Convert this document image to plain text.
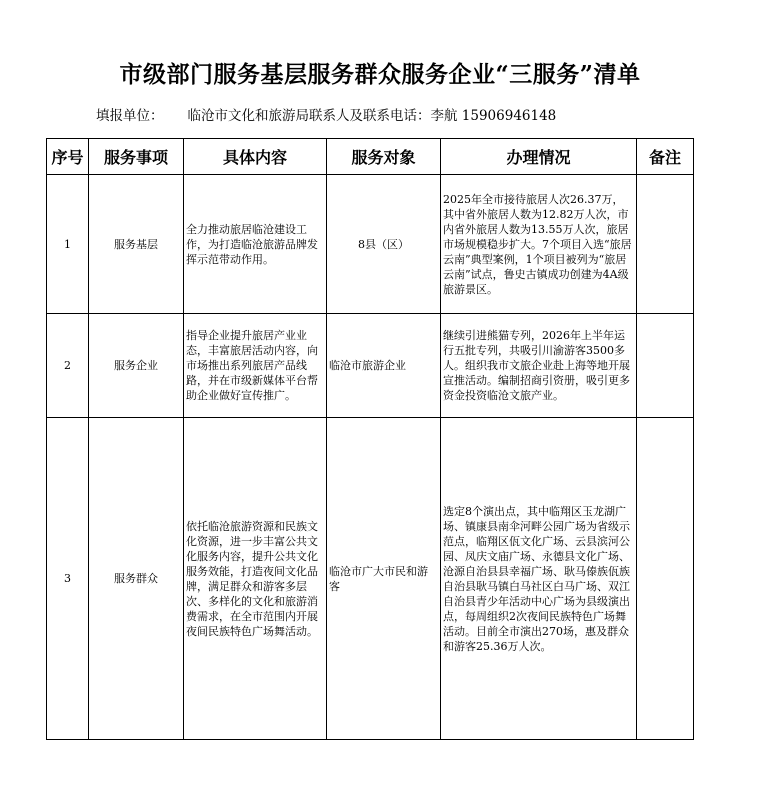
市级部门服务基层服务群众服务企业“三服务”清单
填报单位： 临沧市文化和旅游局联系人及联系电话：李航 15906946148
序号	服务事项	具体内容	服务对象	办理情况	备注
1	服务基层	全力推动旅居临沧建设工作，为打造临沧旅游品牌发挥示范带动作用。	8县（区）	2025年全市接待旅居人次26.37万，其中省外旅居人数为12.82万人次，市内省外旅居人数为13.55万人次，旅居市场规模稳步扩大。7个项目入选“旅居云南”典型案例，1个项目被列为“旅居云南”试点，鲁史古镇成功创建为4A级旅游景区。	
2	服务企业	指导企业提升旅居产业业态，丰富旅居活动内容，向市场推出系列旅居产品线路，并在市级新媒体平台帮助企业做好宣传推广。	临沧市旅游企业	继续引进熊猫专列，2026年上半年运行五批专列，共吸引川渝游客3500多人。组织我市文旅企业赴上海等地开展宣推活动。编制招商引资册，吸引更多资金投资临沧文旅产业。	
3	服务群众	依托临沧旅游资源和民族文化资源，进一步丰富公共文化服务内容，提升公共文化服务效能，打造夜间文化品牌，满足群众和游客多层次、多样化的文化和旅游消费需求，在全市范围内开展夜间民族特色广场舞活动。	临沧市广大市民和游客	选定8个演出点，其中临翔区玉龙湖广场、镇康县南伞河畔公园广场为省级示范点，临翔区佤文化广场、云县滨河公园、凤庆文庙广场、永德县文化广场、沧源自治县县幸福广场、耿马傣族佤族自治县耿马镇白马社区白马广场、双江自治县青少年活动中心广场为县级演出点，每周组织2次夜间民族特色广场舞活动。目前全市演出270场，惠及群众和游客25.36万人次。	
